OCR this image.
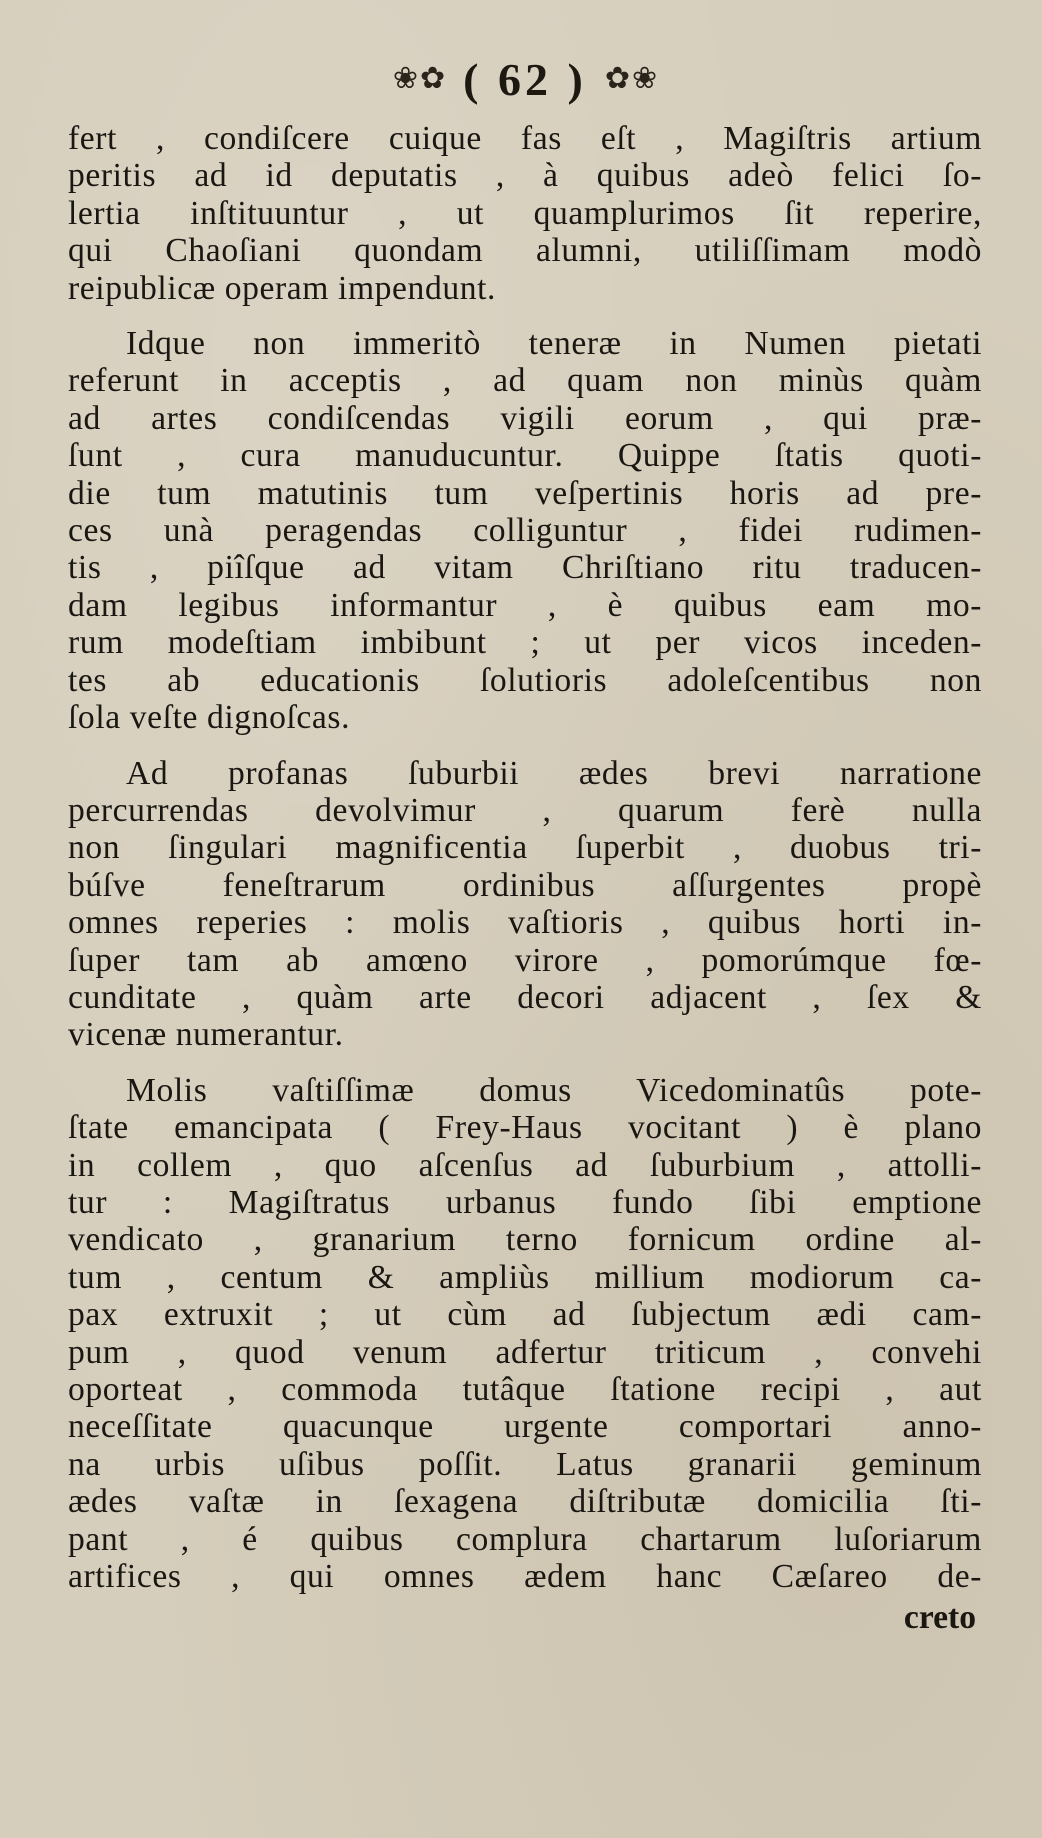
❀ ✿ ( 62 ) ✿ ❀

fert , condiſcere cuique fas eſt , Magiſtris artium

peritis ad id deputatis , à quibus adeò felici ſo-

lertia inſtituuntur , ut quamplurimos ſit reperire,

qui Chaoſiani quondam alumni, utiliſſimam modò

reipublicæ operam impendunt.

Idque non immeritò teneræ in Numen pietati

referunt in acceptis , ad quam non minùs quàm

ad artes condiſcendas vigili eorum , qui præ-

ſunt , cura manuducuntur. Quippe ſtatis quoti-

die tum matutinis tum veſpertinis horis ad pre-

ces unà peragendas colliguntur , fidei rudimen-

tis , piîſque ad vitam Chriſtiano ritu traducen-

dam legibus informantur , è quibus eam mo-

rum modeſtiam imbibunt ; ut per vicos inceden-

tes ab educationis ſolutioris adoleſcentibus non

ſola veſte dignoſcas.

Ad profanas ſuburbii ædes brevi narratione

percurrendas devolvimur , quarum ferè nulla

non ſingulari magnificentia ſuperbit , duobus tri-

búſve feneſtrarum ordinibus aſſurgentes propè

omnes reperies : molis vaſtioris , quibus horti in-

ſuper tam ab amœno virore , pomorúmque fœ-

cunditate , quàm arte decori adjacent , ſex &

vicenæ numerantur.

Molis vaſtiſſimæ domus Vicedominatûs pote-

ſtate emancipata ( Frey-Haus vocitant ) è plano

in collem , quo aſcenſus ad ſuburbium , attolli-

tur : Magiſtratus urbanus fundo ſibi emptione

vendicato , granarium terno fornicum ordine al-

tum , centum & ampliùs millium modiorum ca-

pax extruxit ; ut cùm ad ſubjectum ædi cam-

pum , quod venum adfertur triticum , convehi

oporteat , commoda tutâque ſtatione recipi , aut

neceſſitate quacunque urgente comportari anno-

na urbis uſibus poſſit. Latus granarii geminum

ædes vaſtæ in ſexagena diſtributæ domicilia ſti-

pant , é quibus complura chartarum luſoriarum

artifices , qui omnes ædem hanc Cæſareo de-

creto
